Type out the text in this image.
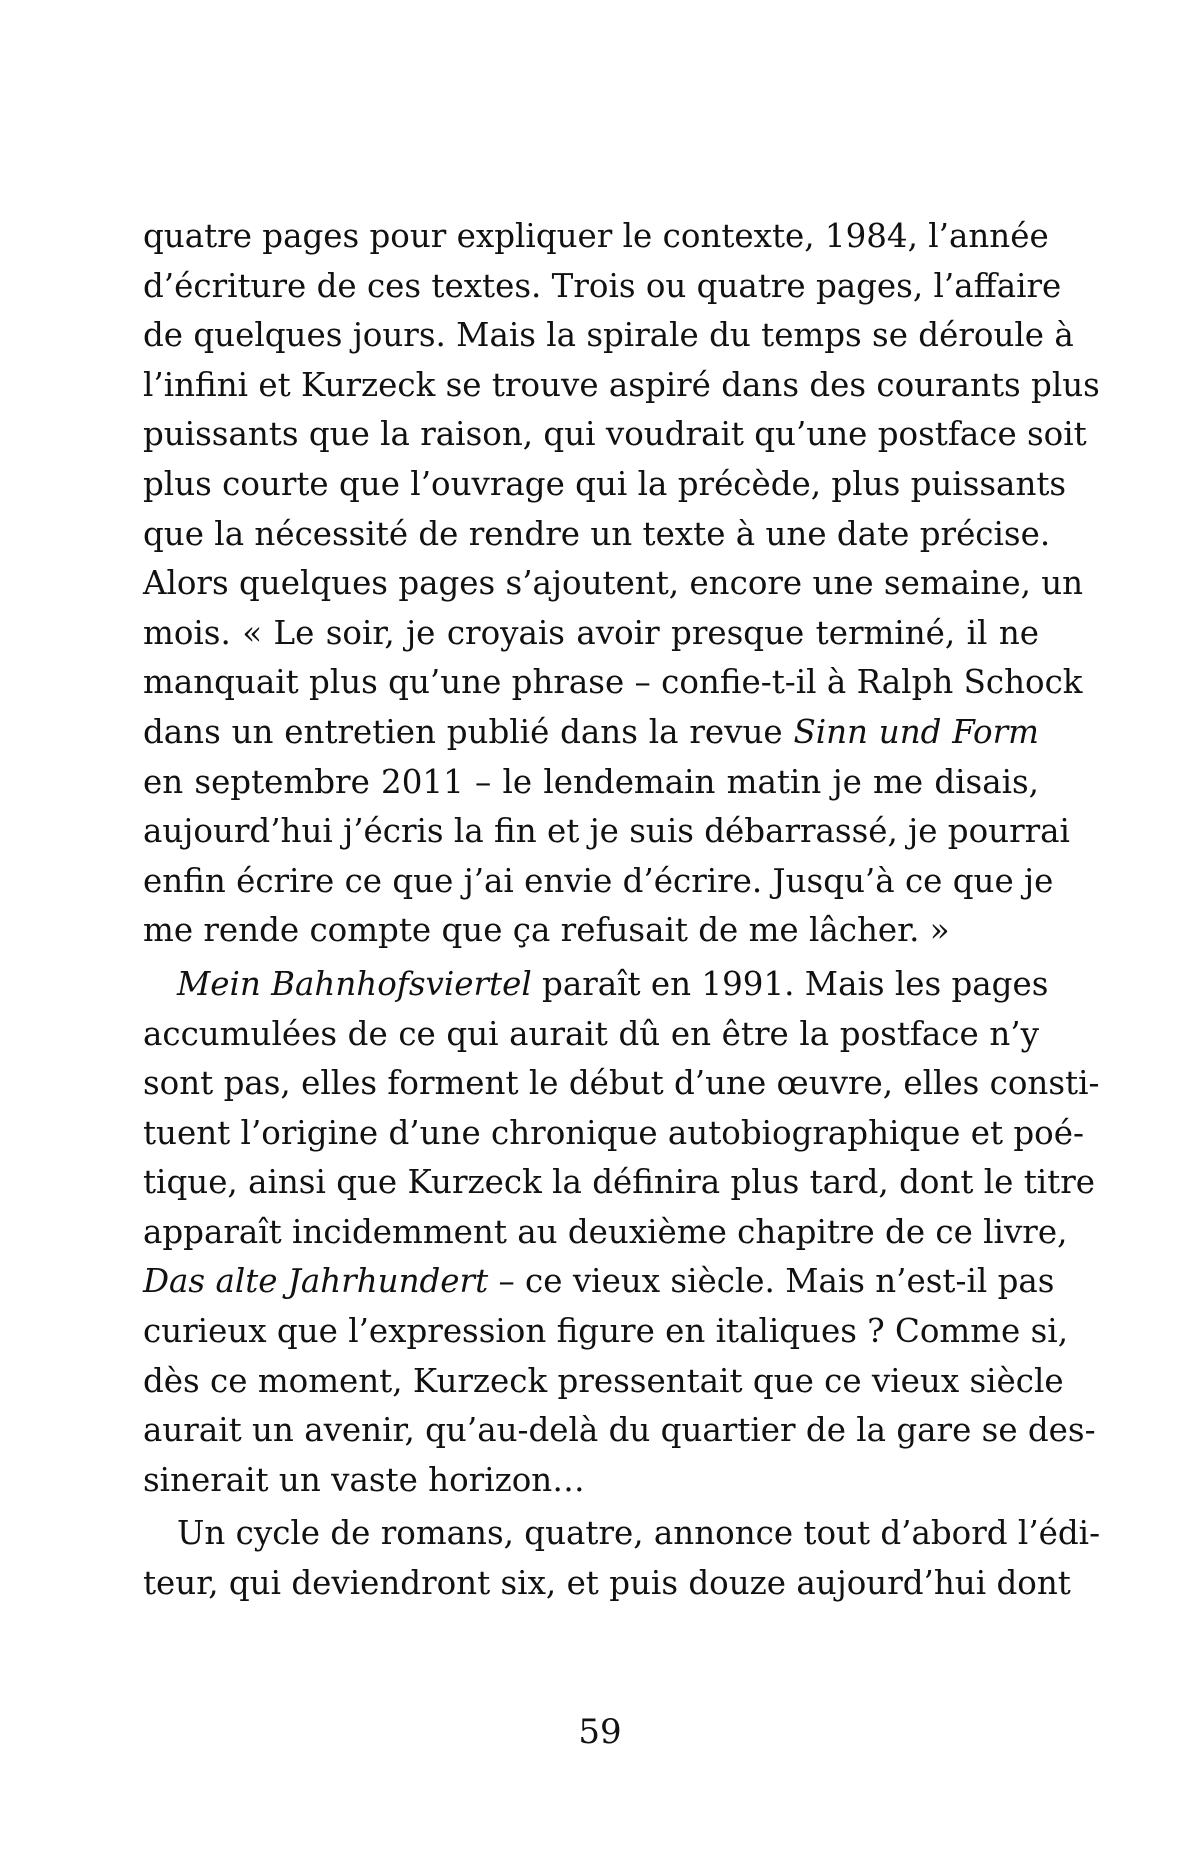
quatre pages pour expliquer le contexte, 1984, l’année
d’écriture de ces textes. Trois ou quatre pages, l’affaire
de quelques jours. Mais la spirale du temps se déroule à
l’infini et Kurzeck se trouve aspiré dans des courants plus
puissants que la raison, qui voudrait qu’une postface soit
plus courte que l’ouvrage qui la précède, plus puissants
que la nécessité de rendre un texte à une date précise.
Alors quelques pages s’ajoutent, encore une semaine, un
mois. « Le soir, je croyais avoir presque terminé, il ne
manquait plus qu’une phrase – confie-t-il à Ralph Schock
dans un entretien publié dans la revue Sinn und Form
en septembre 2011 – le lendemain matin je me disais,
aujourd’hui j’écris la fin et je suis débarrassé, je pourrai
enfin écrire ce que j’ai envie d’écrire. Jusqu’à ce que je
me rende compte que ça refusait de me lâcher. »
Mein Bahnhofsviertel paraît en 1991. Mais les pages
accumulées de ce qui aurait dû en être la postface n’y
sont pas, elles forment le début d’une œuvre, elles consti-
tuent l’origine d’une chronique autobiographique et poé-
tique, ainsi que Kurzeck la définira plus tard, dont le titre
apparaît incidemment au deuxième chapitre de ce livre,
Das alte Jahrhundert – ce vieux siècle. Mais n’est-il pas
curieux que l’expression figure en italiques ? Comme si,
dès ce moment, Kurzeck pressentait que ce vieux siècle
aurait un avenir, qu’au-delà du quartier de la gare se des-
sinerait un vaste horizon…
Un cycle de romans, quatre, annonce tout d’abord l’édi-
teur, qui deviendront six, et puis douze aujourd’hui dont
59
